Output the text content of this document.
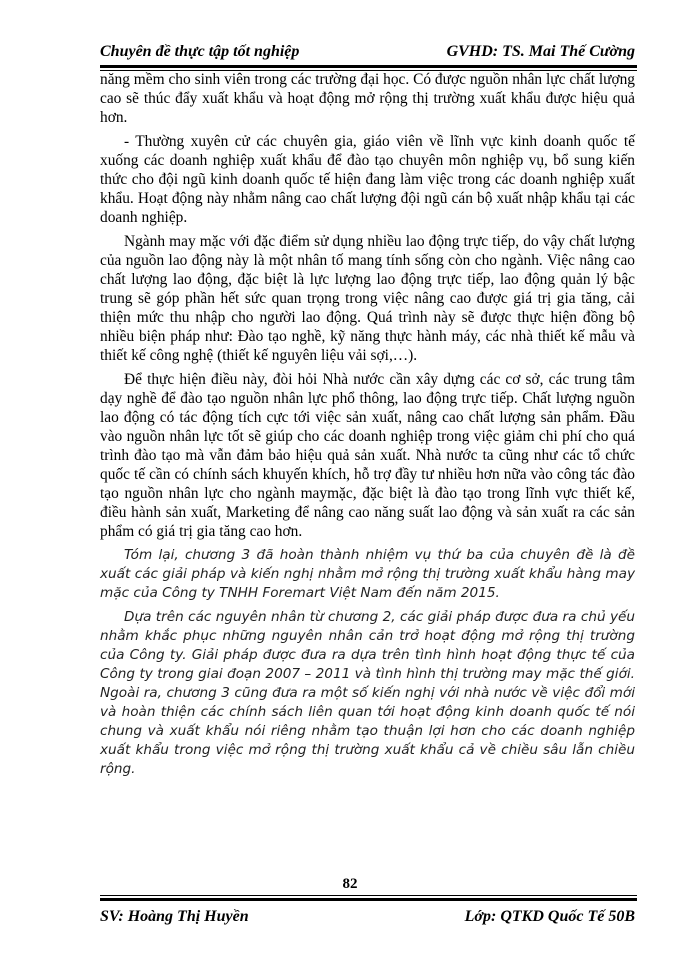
Chuyên đề thực tập tốt nghiệp	GVHD: TS. Mai Thế Cường

năng mềm cho sinh viên trong các trường đại học. Có được nguồn nhân lực chất lượng cao sẽ thúc đẩy xuất khẩu và hoạt động mở rộng thị trường xuất khẩu được hiệu quả hơn.

- Thường xuyên cử các chuyên gia, giáo viên về lĩnh vực kinh doanh quốc tế xuống các doanh nghiệp xuất khẩu để đào tạo chuyên môn nghiệp vụ, bổ sung kiến thức cho đội ngũ kinh doanh quốc tế hiện đang làm việc trong các doanh nghiệp xuất khẩu. Hoạt động này nhằm nâng cao chất lượng đội ngũ cán bộ xuất nhập khẩu tại các doanh nghiệp.

Ngành may mặc với đặc điểm sử dụng nhiều lao động trực tiếp, do vậy chất lượng của nguồn lao động này là một nhân tố mang tính sống còn cho ngành. Việc nâng cao chất lượng lao động, đặc biệt là lực lượng lao động trực tiếp, lao động quản lý bậc trung sẽ góp phần hết sức quan trọng trong việc nâng cao được giá trị gia tăng, cải thiện mức thu nhập cho người lao động. Quá trình này sẽ được thực hiện đồng bộ nhiều biện pháp như: Đào tạo nghề, kỹ năng thực hành máy, các nhà thiết kế mẫu và thiết kế công nghệ (thiết kế nguyên liệu vải sợi,…).

Để thực hiện điều này, đòi hỏi Nhà nước cần xây dựng các cơ sở, các trung tâm dạy nghề để đào tạo nguồn nhân lực phổ thông, lao động trực tiếp. Chất lượng nguồn lao động có tác động tích cực tới việc sản xuất, nâng cao chất lượng sản phẩm. Đầu vào nguồn nhân lực tốt sẽ giúp cho các doanh nghiệp trong việc giảm chi phí cho quá trình đào tạo mà vẫn đảm bảo hiệu quả sản xuất. Nhà nước ta cũng như các tổ chức quốc tế cần có chính sách khuyến khích, hỗ trợ đầy tư nhiều hơn nữa vào công tác đào tạo nguồn nhân lực cho ngành maymặc, đặc biệt là đào tạo trong lĩnh vực thiết kế, điều hành sản xuất, Marketing để nâng cao năng suất lao động và sản xuất ra các sản phẩm có giá trị gia tăng cao hơn.

Tóm lại, chương 3 đã hoàn thành nhiệm vụ thứ ba của chuyên đề là đề xuất các giải pháp và kiến nghị nhằm mở rộng thị trường xuất khẩu hàng may mặc của Công ty TNHH Foremart Việt Nam đến năm 2015.

Dựa trên các nguyên nhân từ chương 2, các giải pháp được đưa ra chủ yếu nhằm khắc phục những nguyên nhân cản trở hoạt động mở rộng thị trường của Công ty. Giải pháp được đưa ra dựa trên tình hình hoạt động thực tế của Công ty trong giai đoạn 2007 – 2011 và tình hình thị trường may mặc thế giới. Ngoài ra, chương 3 cũng đưa ra một số kiến nghị với nhà nước về việc đổi mới và hoàn thiện các chính sách liên quan tới hoạt động kinh doanh quốc tế nói chung và xuất khẩu nói riêng nhằm tạo thuận lợi hơn cho các doanh nghiệp xuất khẩu trong việc mở rộng thị trường xuất khẩu cả về chiều sâu lẫn chiều rộng.

82
SV: Hoàng Thị Huyền	Lớp: QTKD Quốc Tế 50B
